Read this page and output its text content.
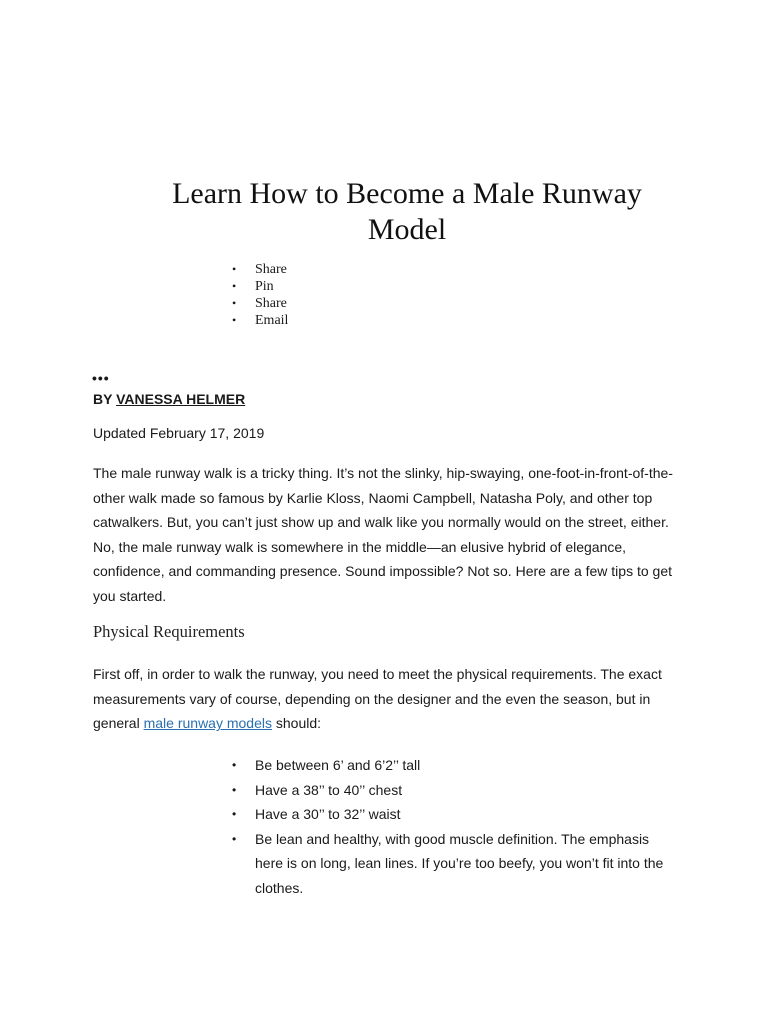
Learn How to Become a Male Runway Model
• Share
• Pin
• Share
• Email
•••
BY VANESSA HELMER
Updated February 17, 2019

The male runway walk is a tricky thing. It’s not the slinky, hip-swaying, one-foot-in-front-of-the-other walk made so famous by Karlie Kloss, Naomi Campbell, Natasha Poly, and other top catwalkers. But, you can’t just show up and walk like you normally would on the street, either. No, the male runway walk is somewhere in the middle—an elusive hybrid of elegance, confidence, and commanding presence. Sound impossible? Not so. Here are a few tips to get you started.

Physical Requirements

First off, in order to walk the runway, you need to meet the physical requirements. The exact measurements vary of course, depending on the designer and the even the season, but in general male runway models should:

• Be between 6’ and 6’2’’ tall
• Have a 38’’ to 40’’ chest
• Have a 30’’ to 32’’ waist
• Be lean and healthy, with good muscle definition. The emphasis here is on long, lean lines. If you’re too beefy, you won’t fit into the clothes.
